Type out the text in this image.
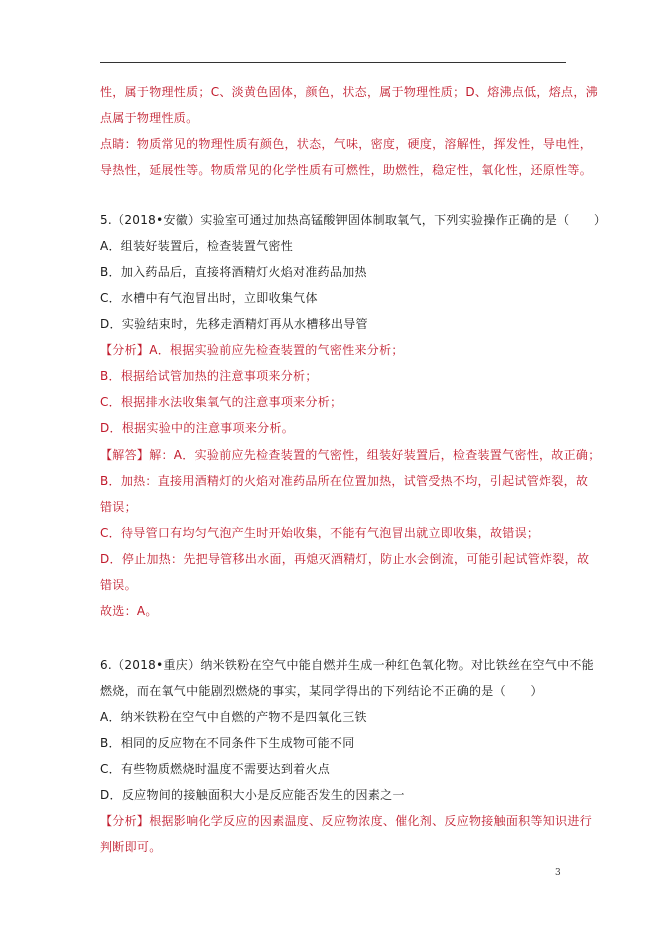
性，属于物理性质；C、淡黄色固体，颜色，状态，属于物理性质；D、熔沸点低，熔点，沸
点属于物理性质。
点睛：物质常见的物理性质有颜色，状态，气味，密度，硬度，溶解性，挥发性，导电性，
导热性，延展性等。物质常见的化学性质有可燃性，助燃性，稳定性，氧化性，还原性等。
5.（2018•安徽）实验室可通过加热高锰酸钾固体制取氧气，下列实验操作正确的是（　　）
A．组装好装置后，检查装置气密性
B．加入药品后，直接将酒精灯火焰对准药品加热
C．水槽中有气泡冒出时，立即收集气体
D．实验结束时，先移走酒精灯再从水槽移出导管
【分析】A．根据实验前应先检查装置的气密性来分析；
B．根据给试管加热的注意事项来分析；
C．根据排水法收集氧气的注意事项来分析；
D．根据实验中的注意事项来分析。
【解答】解：A．实验前应先检查装置的气密性，组装好装置后，检查装置气密性，故正确；
B．加热：直接用酒精灯的火焰对准药品所在位置加热，试管受热不均，引起试管炸裂，故
错误；
C．待导管口有均匀气泡产生时开始收集，不能有气泡冒出就立即收集，故错误；
D．停止加热：先把导管移出水面，再熄灭酒精灯，防止水会倒流，可能引起试管炸裂，故
错误。
故选：A。
6.（2018•重庆）纳米铁粉在空气中能自燃并生成一种红色氧化物。对比铁丝在空气中不能
燃烧，而在氧气中能剧烈燃烧的事实，某同学得出的下列结论不正确的是（　　）
A．纳米铁粉在空气中自燃的产物不是四氧化三铁
B．相同的反应物在不同条件下生成物可能不同
C．有些物质燃烧时温度不需要达到着火点
D．反应物间的接触面积大小是反应能否发生的因素之一
【分析】根据影响化学反应的因素温度、反应物浓度、催化剂、反应物接触面积等知识进行
判断即可。
3
